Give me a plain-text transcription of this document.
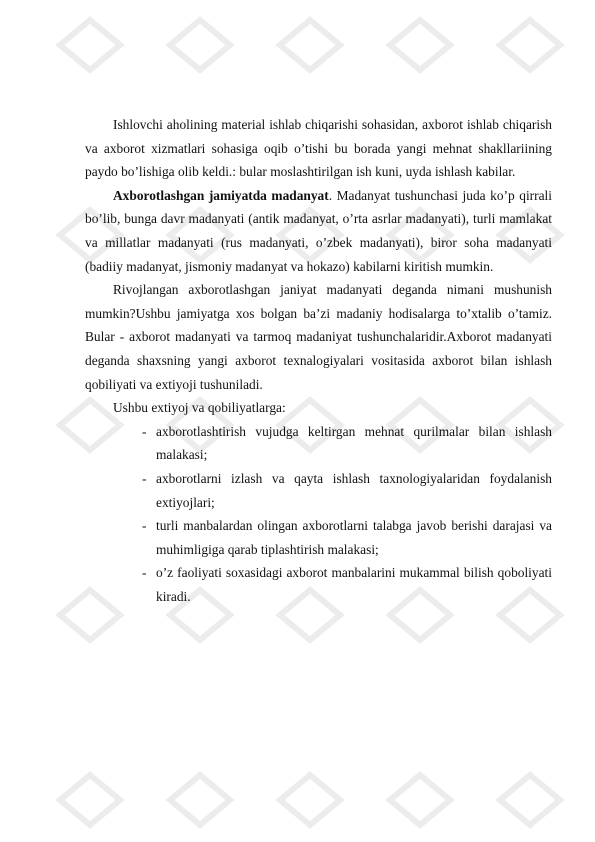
Ishlovchi aholining material ishlab chiqarishi sohasidan, axborot ishlab chiqarish va axborot xizmatlari sohasiga oqib o’tishi bu borada yangi mehnat shakllariining paydo bo’lishiga olib keldi.: bular moslashtirilgan ish kuni, uyda ishlash kabilar.

Axborotlashgan jamiyatda madanyat. Madanyat tushunchasi juda ko’p qirrali bo’lib, bunga davr madanyati (antik madanyat, o’rta asrlar madanyati), turli mamlakat va millatlar madanyati (rus madanyati, o’zbek madanyati), biror soha madanyati (badiiy madanyat, jismoniy madanyat va hokazo) kabilarni kiritish mumkin.

Rivojlangan axborotlashgan janiyat madanyati deganda nimani mushunish mumkin?Ushbu jamiyatga xos bolgan ba’zi madaniy hodisalarga to’xtalib o’tamiz. Bular - axborot madanyati va tarmoq madaniyat tushunchalaridir.Axborot madanyati deganda shaxsning yangi axborot texnalogiyalari vositasida axborot bilan ishlash qobiliyati va extiyoji tushuniladi.

Ushbu extiyoj va qobiliyatlarga:

- axborotlashtirish vujudga keltirgan mehnat qurilmalar bilan ishlash malakasi;
- axborotlarni izlash va qayta ishlash taxnologiyalaridan foydalanish extiyojlari;
- turli manbalardan olingan axborotlarni talabga javob berishi darajasi va muhimligiga qarab tiplashtirish malakasi;
- o’z faoliyati soxasidagi axborot manbalarini mukammal bilish qoboliyati kiradi.
